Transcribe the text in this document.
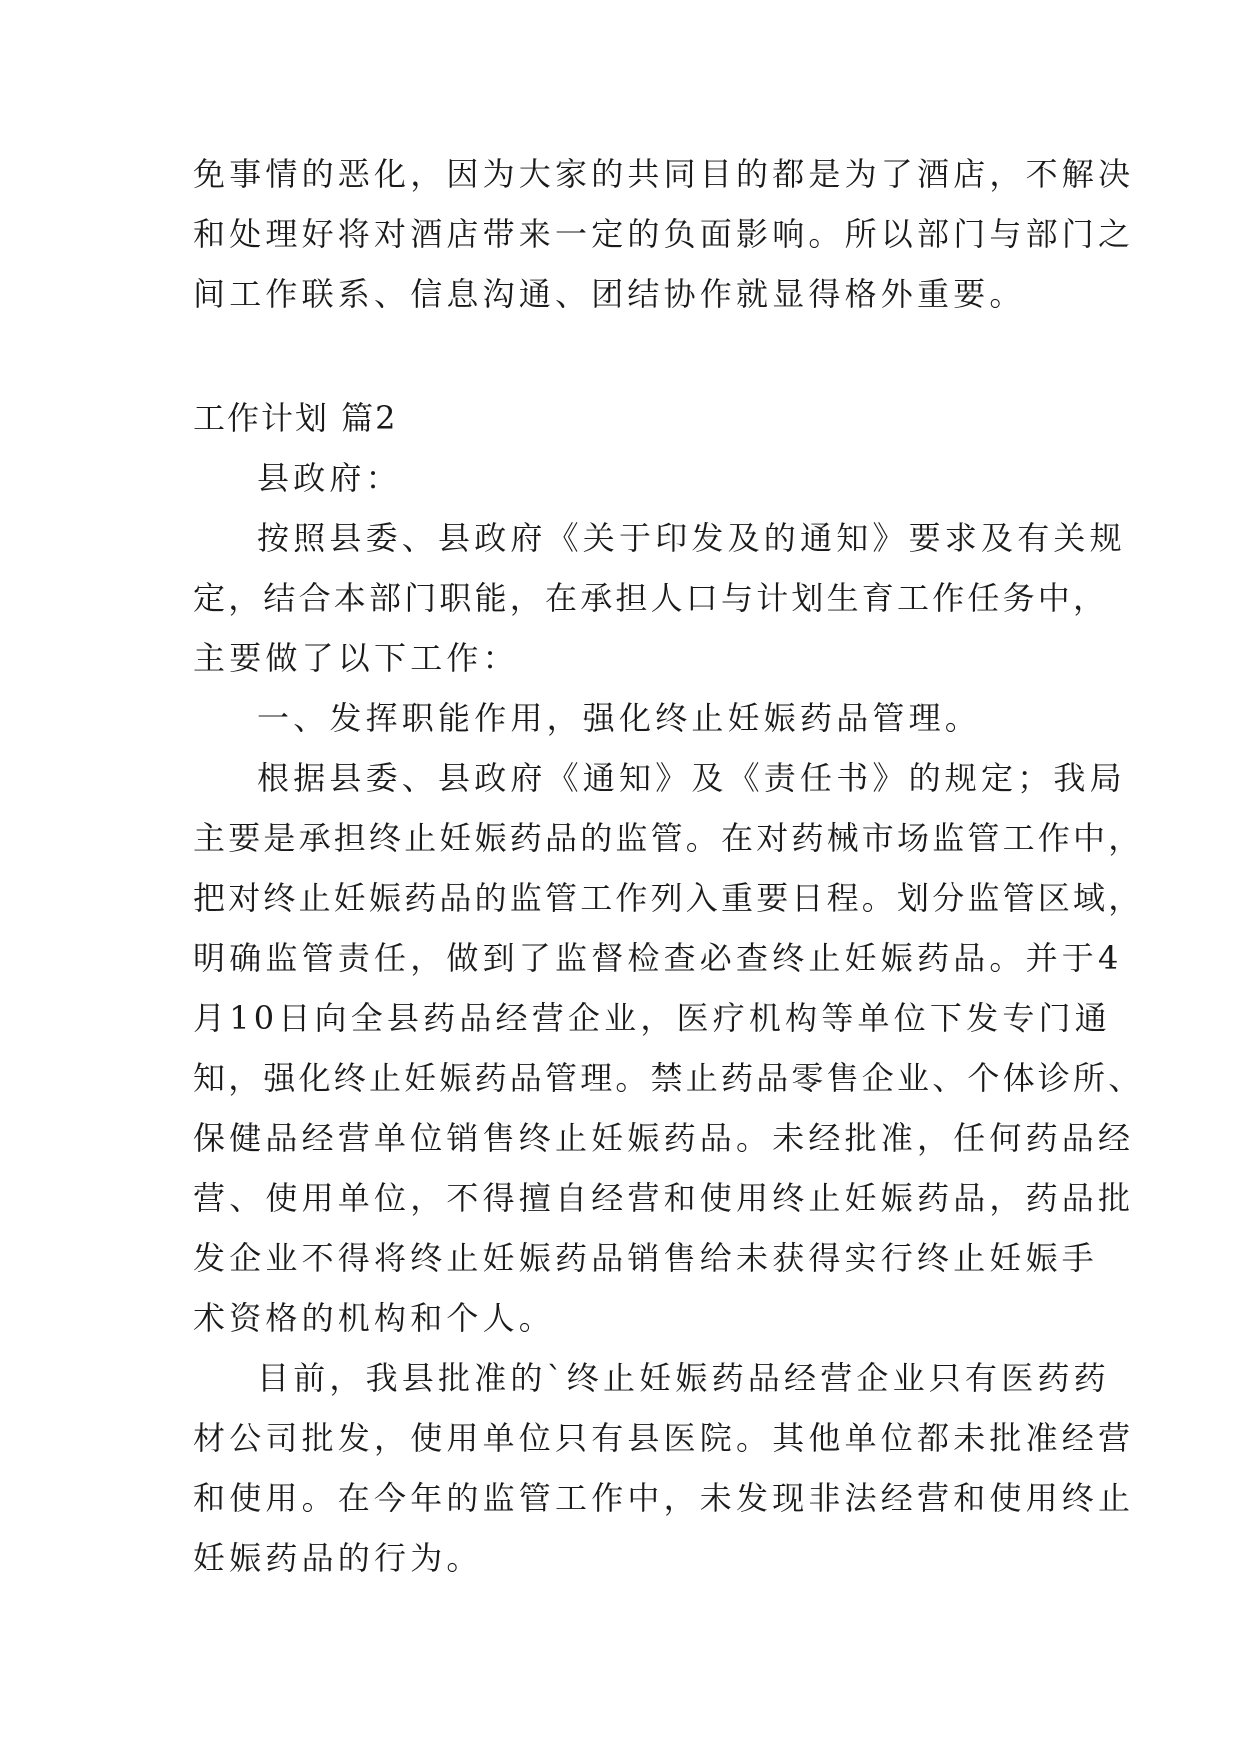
免事情的恶化，因为大家的共同目的都是为了酒店，不解决
和处理好将对酒店带来一定的负面影响。所以部门与部门之
间工作联系、信息沟通、团结协作就显得格外重要。
工作计划 篇2
县政府：
按照县委、县政府《关于印发及的通知》要求及有关规
定，结合本部门职能，在承担人口与计划生育工作任务中，
主要做了以下工作：
一、发挥职能作用，强化终止妊娠药品管理。
根据县委、县政府《通知》及《责任书》的规定；我局
主要是承担终止妊娠药品的监管。在对药械市场监管工作中，
把对终止妊娠药品的监管工作列入重要日程。划分监管区域，
明确监管责任，做到了监督检查必查终止妊娠药品。并于4
月10日向全县药品经营企业，医疗机构等单位下发专门通
知，强化终止妊娠药品管理。禁止药品零售企业、个体诊所、
保健品经营单位销售终止妊娠药品。未经批准，任何药品经
营、使用单位，不得擅自经营和使用终止妊娠药品，药品批
发企业不得将终止妊娠药品销售给未获得实行终止妊娠手
术资格的机构和个人。
目前，我县批准的`终止妊娠药品经营企业只有医药药
材公司批发，使用单位只有县医院。其他单位都未批准经营
和使用。在今年的监管工作中，未发现非法经营和使用终止
妊娠药品的行为。
